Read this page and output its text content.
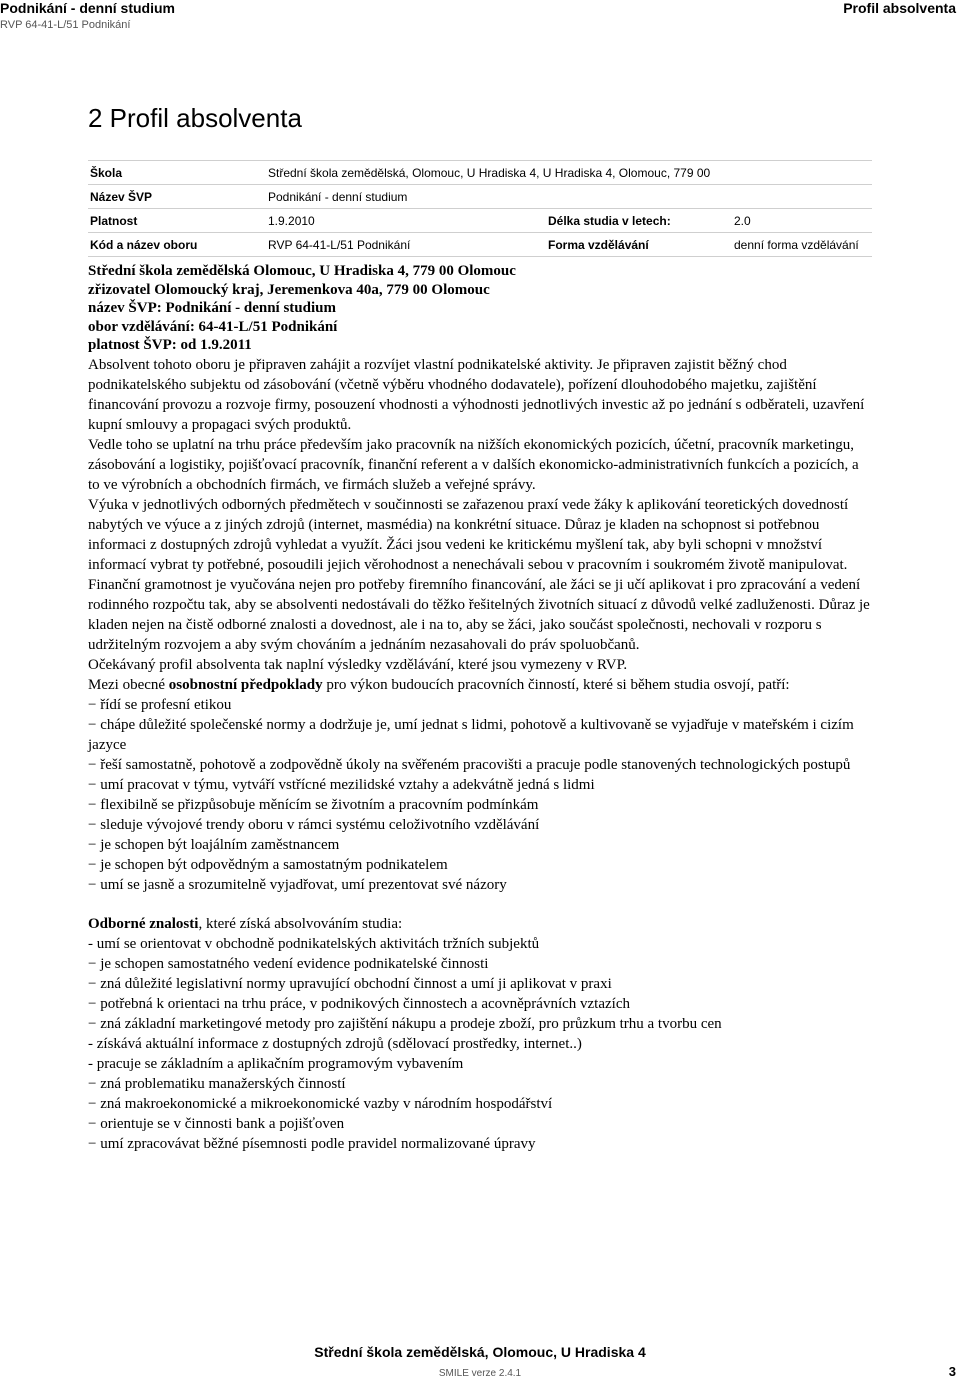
Podnikání - denní studium
RVP 64-41-L/51 Podnikání
Profil absolventa
2 Profil absolventa
Škola	Střední škola zemědělská, Olomouc, U Hradiska 4, U Hradiska 4, Olomouc, 779 00		
Název ŠVP	Podnikání - denní studium		
Platnost	1.9.2010	Délka studia v letech:	2.0
Kód a název oboru	RVP 64-41-L/51 Podnikání	Forma vzdělávání	denní forma vzdělávání
Střední škola zemědělská Olomouc, U Hradiska 4, 779 00 Olomouc
zřizovatel Olomoucký kraj, Jeremenkova 40a, 779 00 Olomouc
název ŠVP: Podnikání - denní studium
obor vzdělávání: 64-41-L/51 Podnikání
platnost ŠVP: od 1.9.2011

Absolvent tohoto oboru je připraven zahájit a rozvíjet vlastní podnikatelské aktivity. Je připraven zajistit běžný chod podnikatelského subjektu od zásobování (včetně výběru vhodného dodavatele), pořízení dlouhodobého majetku, zajištění financování provozu a rozvoje firmy, posouzení vhodnosti a výhodnosti jednotlivých investic až po jednání s odběrateli, uzavření kupní smlouvy a propagaci svých produktů.

Vedle toho se uplatní na trhu práce především jako pracovník na nižších ekonomických pozicích, účetní, pracovník marketingu, zásobování a logistiky, pojišťovací pracovník, finanční referent a v dalších ekonomicko-administrativních funkcích a pozicích, a to ve výrobních a obchodních firmách, ve firmách služeb a veřejné správy.

Výuka v jednotlivých odborných předmětech v součinnosti se zařazenou praxí vede žáky k aplikování teoretických dovedností nabytých ve výuce a z jiných zdrojů (internet, masmédia) na konkrétní situace. Důraz je kladen na schopnost si potřebnou informaci z dostupných zdrojů vyhledat a využít. Žáci jsou vedeni ke kritickému myšlení tak, aby byli schopni v množství informací vybrat ty potřebné, posoudili jejich věrohodnost a nenechávali sebou v pracovním i soukromém životě manipulovat. Finanční gramotnost je vyučována nejen pro potřeby firemního financování, ale žáci se ji učí aplikovat i pro zpracování a vedení rodinného rozpočtu tak, aby se absolventi nedostávali do těžko řešitelných životních situací z důvodů velké zadluženosti. Důraz je kladen nejen na čistě odborné znalosti a dovednost, ale i na to, aby se žáci, jako součást společnosti, nechovali v rozporu s udržitelným rozvojem a aby svým chováním a jednáním nezasahovali do práv spoluobčanů.

Očekávaný profil absolventa tak naplní výsledky vzdělávání, které jsou vymezeny v RVP.

Mezi obecné osobnostní předpoklady pro výkon budoucích pracovních činností, které si během studia osvojí, patří:

− řídí se profesní etikou

− chápe důležité společenské normy a dodržuje je, umí jednat s lidmi, pohotově a kultivovaně se vyjadřuje v mateřském i cizím jazyce

− řeší samostatně, pohotově a zodpovědně úkoly na svěřeném pracovišti a pracuje podle stanovených technologických postupů

− umí pracovat v týmu, vytváří vstřícné mezilidské vztahy a adekvátně jedná s lidmi

− flexibilně se přizpůsobuje měnícím se životním a pracovním podmínkám

− sleduje vývojové trendy oboru v rámci systému celoživotního vzdělávání

− je schopen být loajálním zaměstnancem

− je schopen být odpovědným a samostatným podnikatelem

− umí se jasně a srozumitelně vyjadřovat, umí prezentovat své názory

Odborné znalosti, které získá absolvováním studia:

- umí se orientovat v obchodně podnikatelských aktivitách tržních subjektů

− je schopen samostatného vedení evidence podnikatelské činnosti

− zná důležité legislativní normy upravující obchodní činnost a umí ji aplikovat v praxi

− potřebná k orientaci na trhu práce, v podnikových činnostech a acovněprávních vztazích

− zná základní marketingové metody pro zajištění nákupu a prodeje zboží, pro průzkum trhu a tvorbu cen

- získává aktuální informace z dostupných zdrojů (sdělovací prostředky, internet..)

- pracuje se základním a aplikačním programovým vybavením

− zná problematiku manažerských činností

− zná makroekonomické a mikroekonomické vazby v národním hospodářství

− orientuje se v činnosti bank a pojišťoven

− umí zpracovávat běžné písemnosti podle pravidel normalizované úpravy

Střední škola zemědělská, Olomouc, U Hradiska 4
SMILE verze 2.4.1	3
